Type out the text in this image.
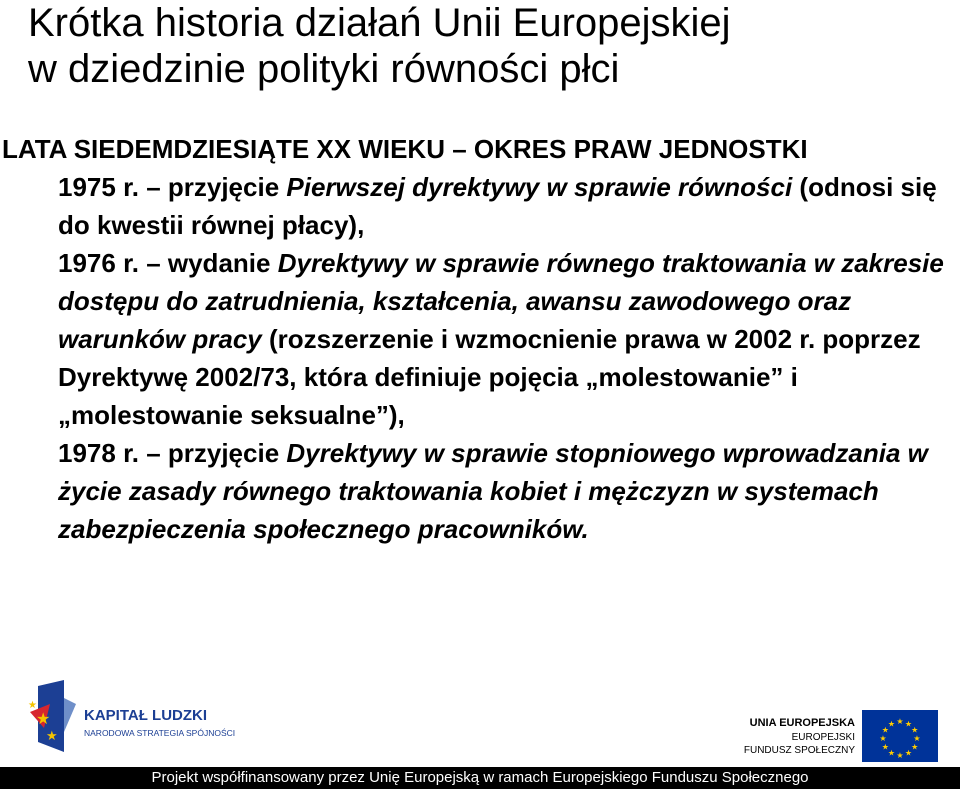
Krótka historia działań Unii Europejskiej
w dziedzinie polityki równości płci

LATA SIEDEMDZIESIĄTE XX WIEKU – OKRES PRAW JEDNOSTKI

1975 r. – przyjęcie Pierwszej dyrektywy w sprawie równości (odnosi się do kwestii równej płacy),

1976 r. – wydanie Dyrektywy w sprawie równego traktowania w zakresie dostępu do zatrudnienia, kształcenia, awansu zawodowego oraz warunków pracy (rozszerzenie i wzmocnienie prawa w 2002 r. poprzez Dyrektywę 2002/73, która definiuje pojęcia „molestowanie” i „molestowanie seksualne”),

1978 r. – przyjęcie Dyrektywy w sprawie stopniowego wprowadzania w życie zasady równego traktowania kobiet i mężczyzn w systemach zabezpieczenia społecznego pracowników.

★
★
★
KAPITAŁ LUDZKI
NARODOWA STRATEGIA SPÓJNOŚCI
UNIA EUROPEJSKA
EUROPEJSKI
FUNDUSZ SPOŁECZNY
★ ★
★
★
★
★
★
★
★
★
★
★
Projekt współfinansowany przez Unię Europejską w ramach Europejskiego Funduszu Społecznego
